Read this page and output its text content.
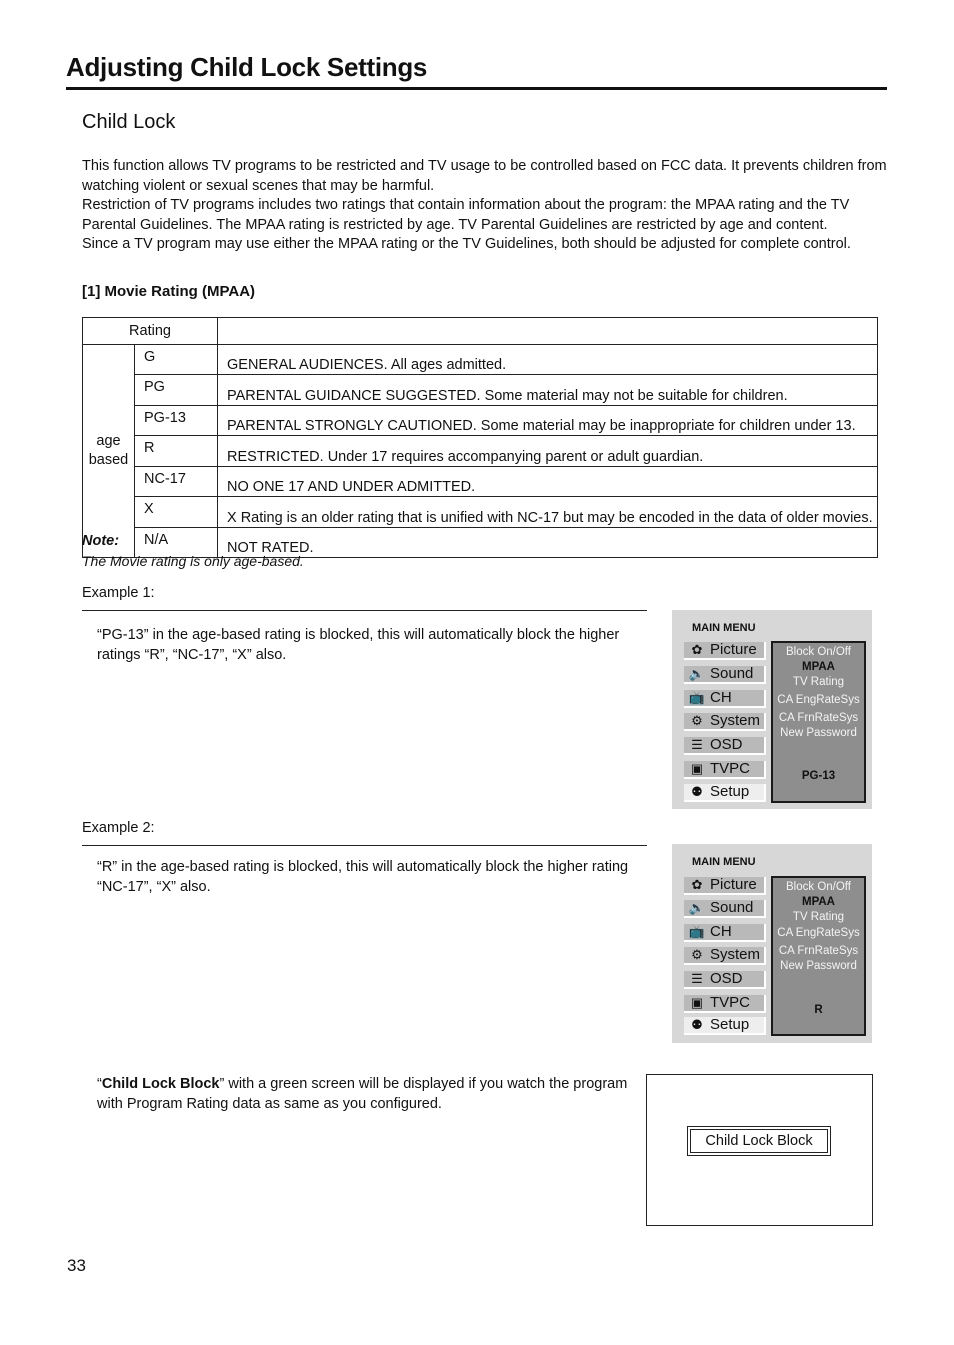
Adjusting Child Lock Settings
Child Lock

This function allows TV programs to be restricted and TV usage to be controlled based on FCC data. It prevents children from watching violent or sexual scenes that may be harmful.

Restriction of TV programs includes two ratings that contain information about the program: the MPAA rating and the TV Parental Guidelines. The MPAA rating is restricted by age. TV Parental Guidelines are restricted by age and content.

Since a TV program may use either the MPAA rating or the TV Guidelines, both should be adjusted for complete control.

[1] Movie Rating (MPAA)
Rating		
age based	G	GENERAL AUDIENCES. All ages admitted.
	PG	PARENTAL GUIDANCE SUGGESTED. Some material may not be suitable for children.
	PG-13	PARENTAL STRONGLY CAUTIONED. Some material may be inappropriate for children under 13.
	R	RESTRICTED. Under 17 requires accompanying parent or adult guardian.
	NC-17	NO ONE 17 AND UNDER ADMITTED.
	X	X Rating is an older rating that is unified with NC-17 but may be encoded in the data of older movies.
	N/A	NOT RATED.
Note:
The Movie rating is only age-based.
Example 1:
“PG-13” in the age-based rating is blocked, this will automatically block the higher ratings “R”, “NC-17”, “X” also.
MAIN MENU
✿ Picture
🔈 Sound
📺 CH
⚙ System
☰ OSD
▣ TVPC
⚉ Setup
Block On/Off
MPAA
TV Rating
CA EngRateSys
CA FrnRateSys
New Password
PG-13
Example 2:
“R” in the age-based rating is blocked, this will automatically block the higher rating “NC-17”, “X” also.
MAIN MENU
✿ Picture
🔈 Sound
📺 CH
⚙ System
☰ OSD
▣ TVPC
⚉ Setup
Block On/Off
MPAA
TV Rating
CA EngRateSys
CA FrnRateSys
New Password
R
“Child Lock Block” with a green screen will be displayed if you watch the program with Program Rating data as same as you configured.
Child Lock Block
33
